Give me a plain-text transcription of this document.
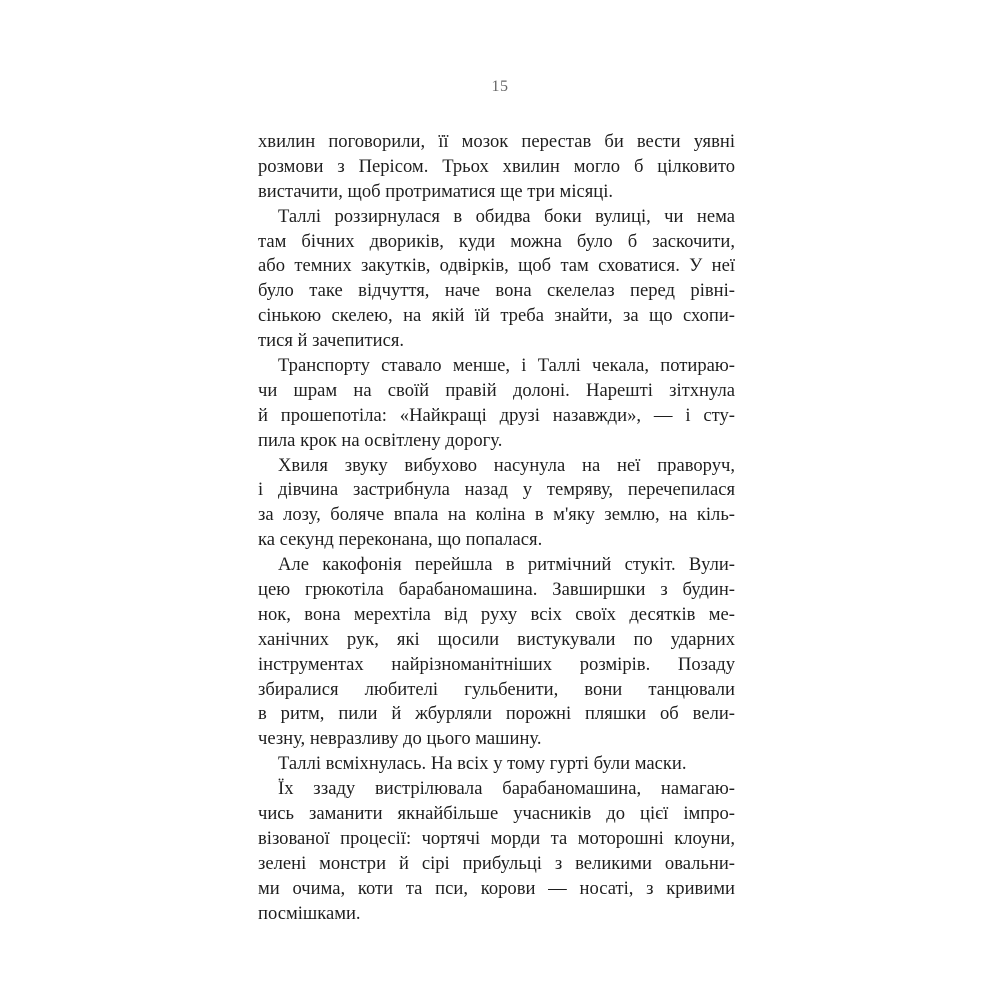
15
хвилин поговорили, її мозок перестав би вести уявні
розмови з Перісом. Трьох хвилин могло б цілковито
вистачити, щоб протриматися ще три місяці.
Таллі роззирнулася в обидва боки вулиці, чи нема
там бічних двориків, куди можна було б заскочити,
або темних закутків, одвірків, щоб там сховатися. У неї
було таке відчуття, наче вона скелелаз перед рівні-
сінькою скелею, на якій їй треба знайти, за що схопи-
тися й зачепитися.
Транспорту ставало менше, і Таллі чекала, потираю-
чи шрам на своїй правій долоні. Нарешті зітхнула
й прошепотіла: «Найкращі друзі назавжди», — і сту-
пила крок на освітлену дорогу.
Хвиля звуку вибухово насунула на неї праворуч,
і дівчина застрибнула назад у темряву, перечепилася
за лозу, боляче впала на коліна в м'яку землю, на кіль-
ка секунд переконана, що попалася.
Але какофонія перейшла в ритмічний стукіт. Вули-
цею грюкотіла барабаномашина. Завширшки з будин-
нок, вона мерехтіла від руху всіх своїх десятків ме-
ханічних рук, які щосили вистукували по ударних
інструментах найрізноманітніших розмірів. Позаду
збиралися любителі гульбенити, вони танцювали
в ритм, пили й жбурляли порожні пляшки об вели-
чезну, невразливу до цього машину.
Таллі всміхнулась. На всіх у тому гурті були маски.
Їх ззаду вистрілювала барабаномашина, намагаю-
чись заманити якнайбільше учасників до цієї імпро-
візованої процесії: чортячі морди та моторошні клоуни,
зелені монстри й сірі прибульці з великими овальни-
ми очима, коти та пси, корови — носаті, з кривими
посмішками.
